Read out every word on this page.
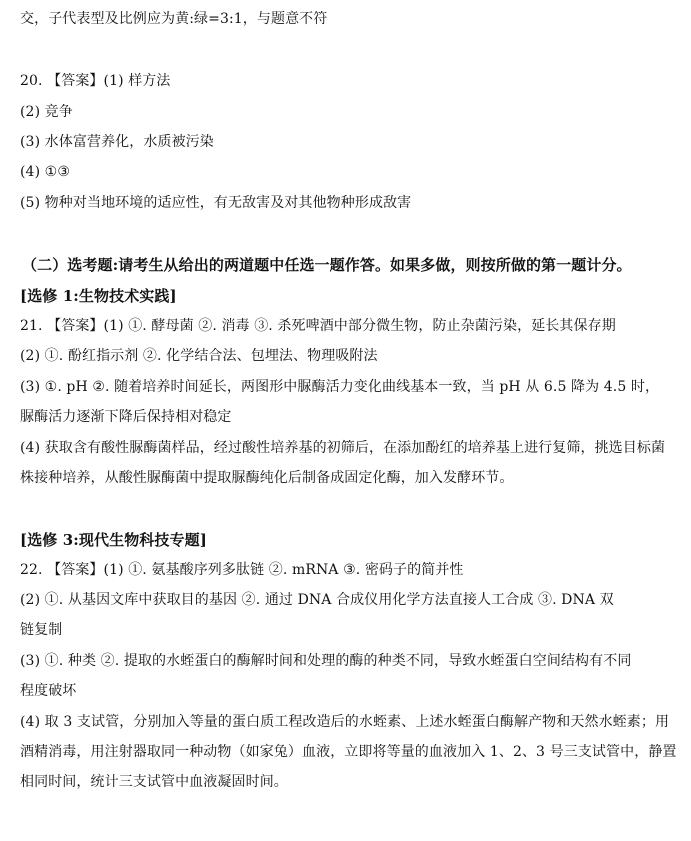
交，子代表型及比例应为黄:绿=3:1，与题意不符
20. 【答案】(1) 样方法
(2) 竞争
(3) 水体富营养化，水质被污染
(4) ①③
(5) 物种对当地环境的适应性，有无敌害及对其他物种形成敌害
（二）选考题:请考生从给出的两道题中任选一题作答。如果多做，则按所做的第一题计分。
[选修 1:生物技术实践]
21. 【答案】(1) ①. 酵母菌 ②. 消毒 ③. 杀死啤酒中部分微生物，防止杂菌污染，延长其保存期
(2) ①. 酚红指示剂 ②. 化学结合法、包埋法、物理吸附法
(3) ①. pH ②. 随着培养时间延长，两图形中脲酶活力变化曲线基本一致，当 pH 从 6.5 降为 4.5 时，
脲酶活力逐渐下降后保持相对稳定
(4) 获取含有酸性脲酶菌样品，经过酸性培养基的初筛后，在添加酚红的培养基上进行复筛，挑选目标菌
株接种培养，从酸性脲酶菌中提取脲酶纯化后制备成固定化酶，加入发酵环节。
[选修 3:现代生物科技专题]
22. 【答案】(1) ①. 氨基酸序列多肽链 ②. mRNA ③. 密码子的简并性
(2) ①. 从基因文库中获取目的基因 ②. 通过 DNA 合成仪用化学方法直接人工合成 ③. DNA 双
链复制
(3) ①. 种类 ②. 提取的水蛭蛋白的酶解时间和处理的酶的种类不同，导致水蛭蛋白空间结构有不同
程度破坏
(4) 取 3 支试管，分别加入等量的蛋白质工程改造后的水蛭素、上述水蛭蛋白酶解产物和天然水蛭素；用
酒精消毒，用注射器取同一种动物（如家兔）血液，立即将等量的血液加入 1、2、3 号三支试管中，静置
相同时间，统计三支试管中血液凝固时间。
